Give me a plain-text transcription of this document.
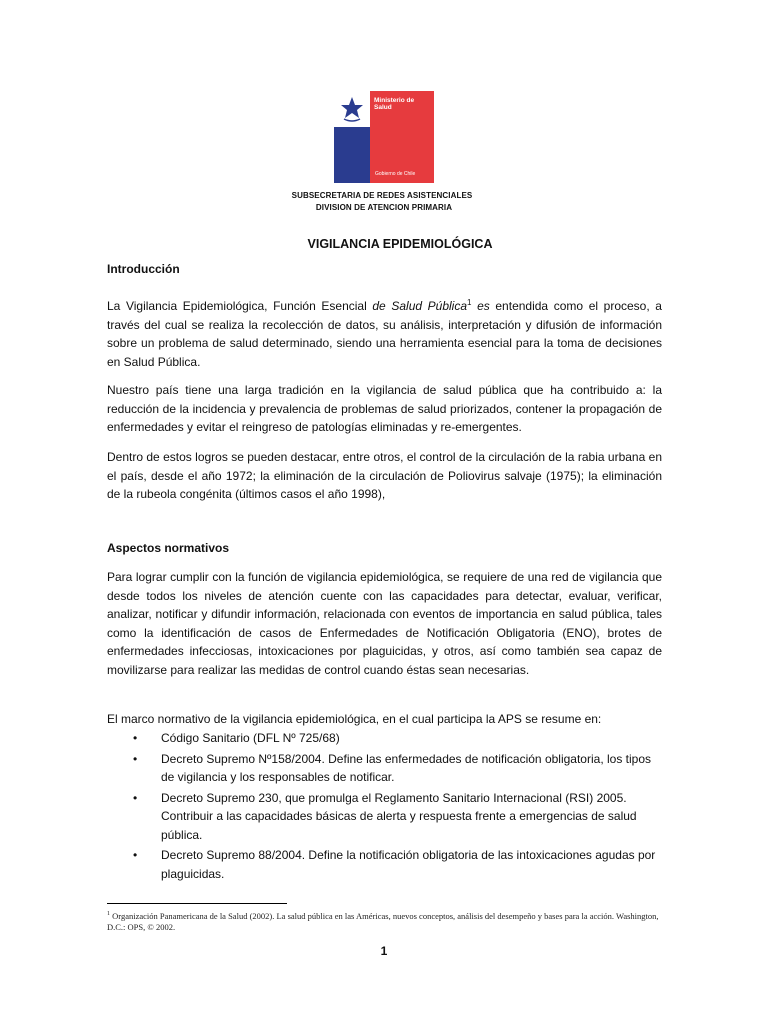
Ministerio de Salud
Gobierno de Chile
SUBSECRETARIA DE REDES ASISTENCIALES
DIVISION DE ATENCION PRIMARIA
VIGILANCIA EPIDEMIOLÓGICA
Introducción
La Vigilancia Epidemiológica, Función Esencial de Salud Pública$^1$ es entendida como el proceso, a través del cual se realiza la recolección de datos, su análisis, interpretación y difusión de información sobre un problema de salud determinado, siendo una herramienta esencial para la toma de decisiones en Salud Pública.
Nuestro país tiene una larga tradición en la vigilancia de salud pública que ha contribuido a: la reducción de la incidencia y prevalencia de problemas de salud priorizados, contener la propagación de enfermedades y evitar el reingreso de patologías eliminadas y re-emergentes.
Dentro de estos logros se pueden destacar, entre otros, el control de la circulación de la rabia urbana en el país, desde el año 1972; la eliminación de la circulación de Poliovirus salvaje (1975); la eliminación de la rubeola congénita (últimos casos el año 1998),
Aspectos normativos
Para lograr cumplir con la función de vigilancia epidemiológica, se requiere de una red de vigilancia que desde todos los niveles de atención cuente con las capacidades para detectar, evaluar, verificar, analizar, notificar y difundir información, relacionada con eventos de importancia en salud pública, tales como la identificación de casos de Enfermedades de Notificación Obligatoria (ENO), brotes de enfermedades infecciosas, intoxicaciones por plaguicidas, y otros, así como también sea capaz de movilizarse para realizar las medidas de control cuando éstas sean necesarias.
El marco normativo de la vigilancia epidemiológica, en el cual participa la APS se resume en:
• Código Sanitario (DFL Nº 725/68)
• Decreto Supremo Nº158/2004. Define las enfermedades de notificación obligatoria, los tipos de vigilancia y los responsables de notificar.
• Decreto Supremo 230, que promulga el Reglamento Sanitario Internacional (RSI) 2005. Contribuir a las capacidades básicas de alerta y respuesta frente a emergencias de salud pública.
• Decreto Supremo 88/2004. Define la notificación obligatoria de las intoxicaciones agudas por plaguicidas.
$^1$ Organización Panamericana de la Salud (2002). La salud pública en las Américas, nuevos conceptos, análisis del desempeño y bases para la acción. Washington, D.C.: OPS, © 2002.
1
